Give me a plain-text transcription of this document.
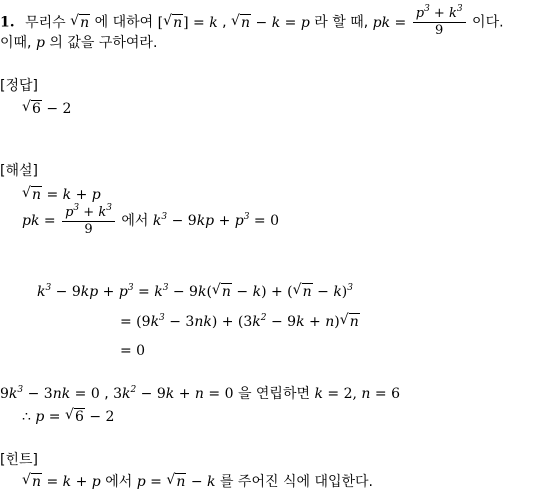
1. 무리수 √ n 에 대하여 [√ n] = k , √ n − k = p 라 할 때, pk = $\frac{p^3 + k^3}{9}$ 이다.
이때, p 의 값을 구하여라.
[정답]
√ 6 − 2
[해설]
√ n = k + p
pk = $\frac{p^3 + k^3}{9}$ 에서 $k^3 - 9kp + p^3 = 0$
$k^3 - 9kp + p^3 = k^3 - 9k(√$ n − k) + (√ n − k)$^3$
= $(9k^3 - 3nk) + (3k^2 - 9k + n)√$ n
= 0
$9k^3 - 3nk = 0$ , $3k^2 - 9k + n = 0$ 을 연립하면 k = 2, n = 6
∴ p = √ 6 − 2
[힌트]
√ n = k + p 에서 p = √ n − k 를 주어진 식에 대입한다.
